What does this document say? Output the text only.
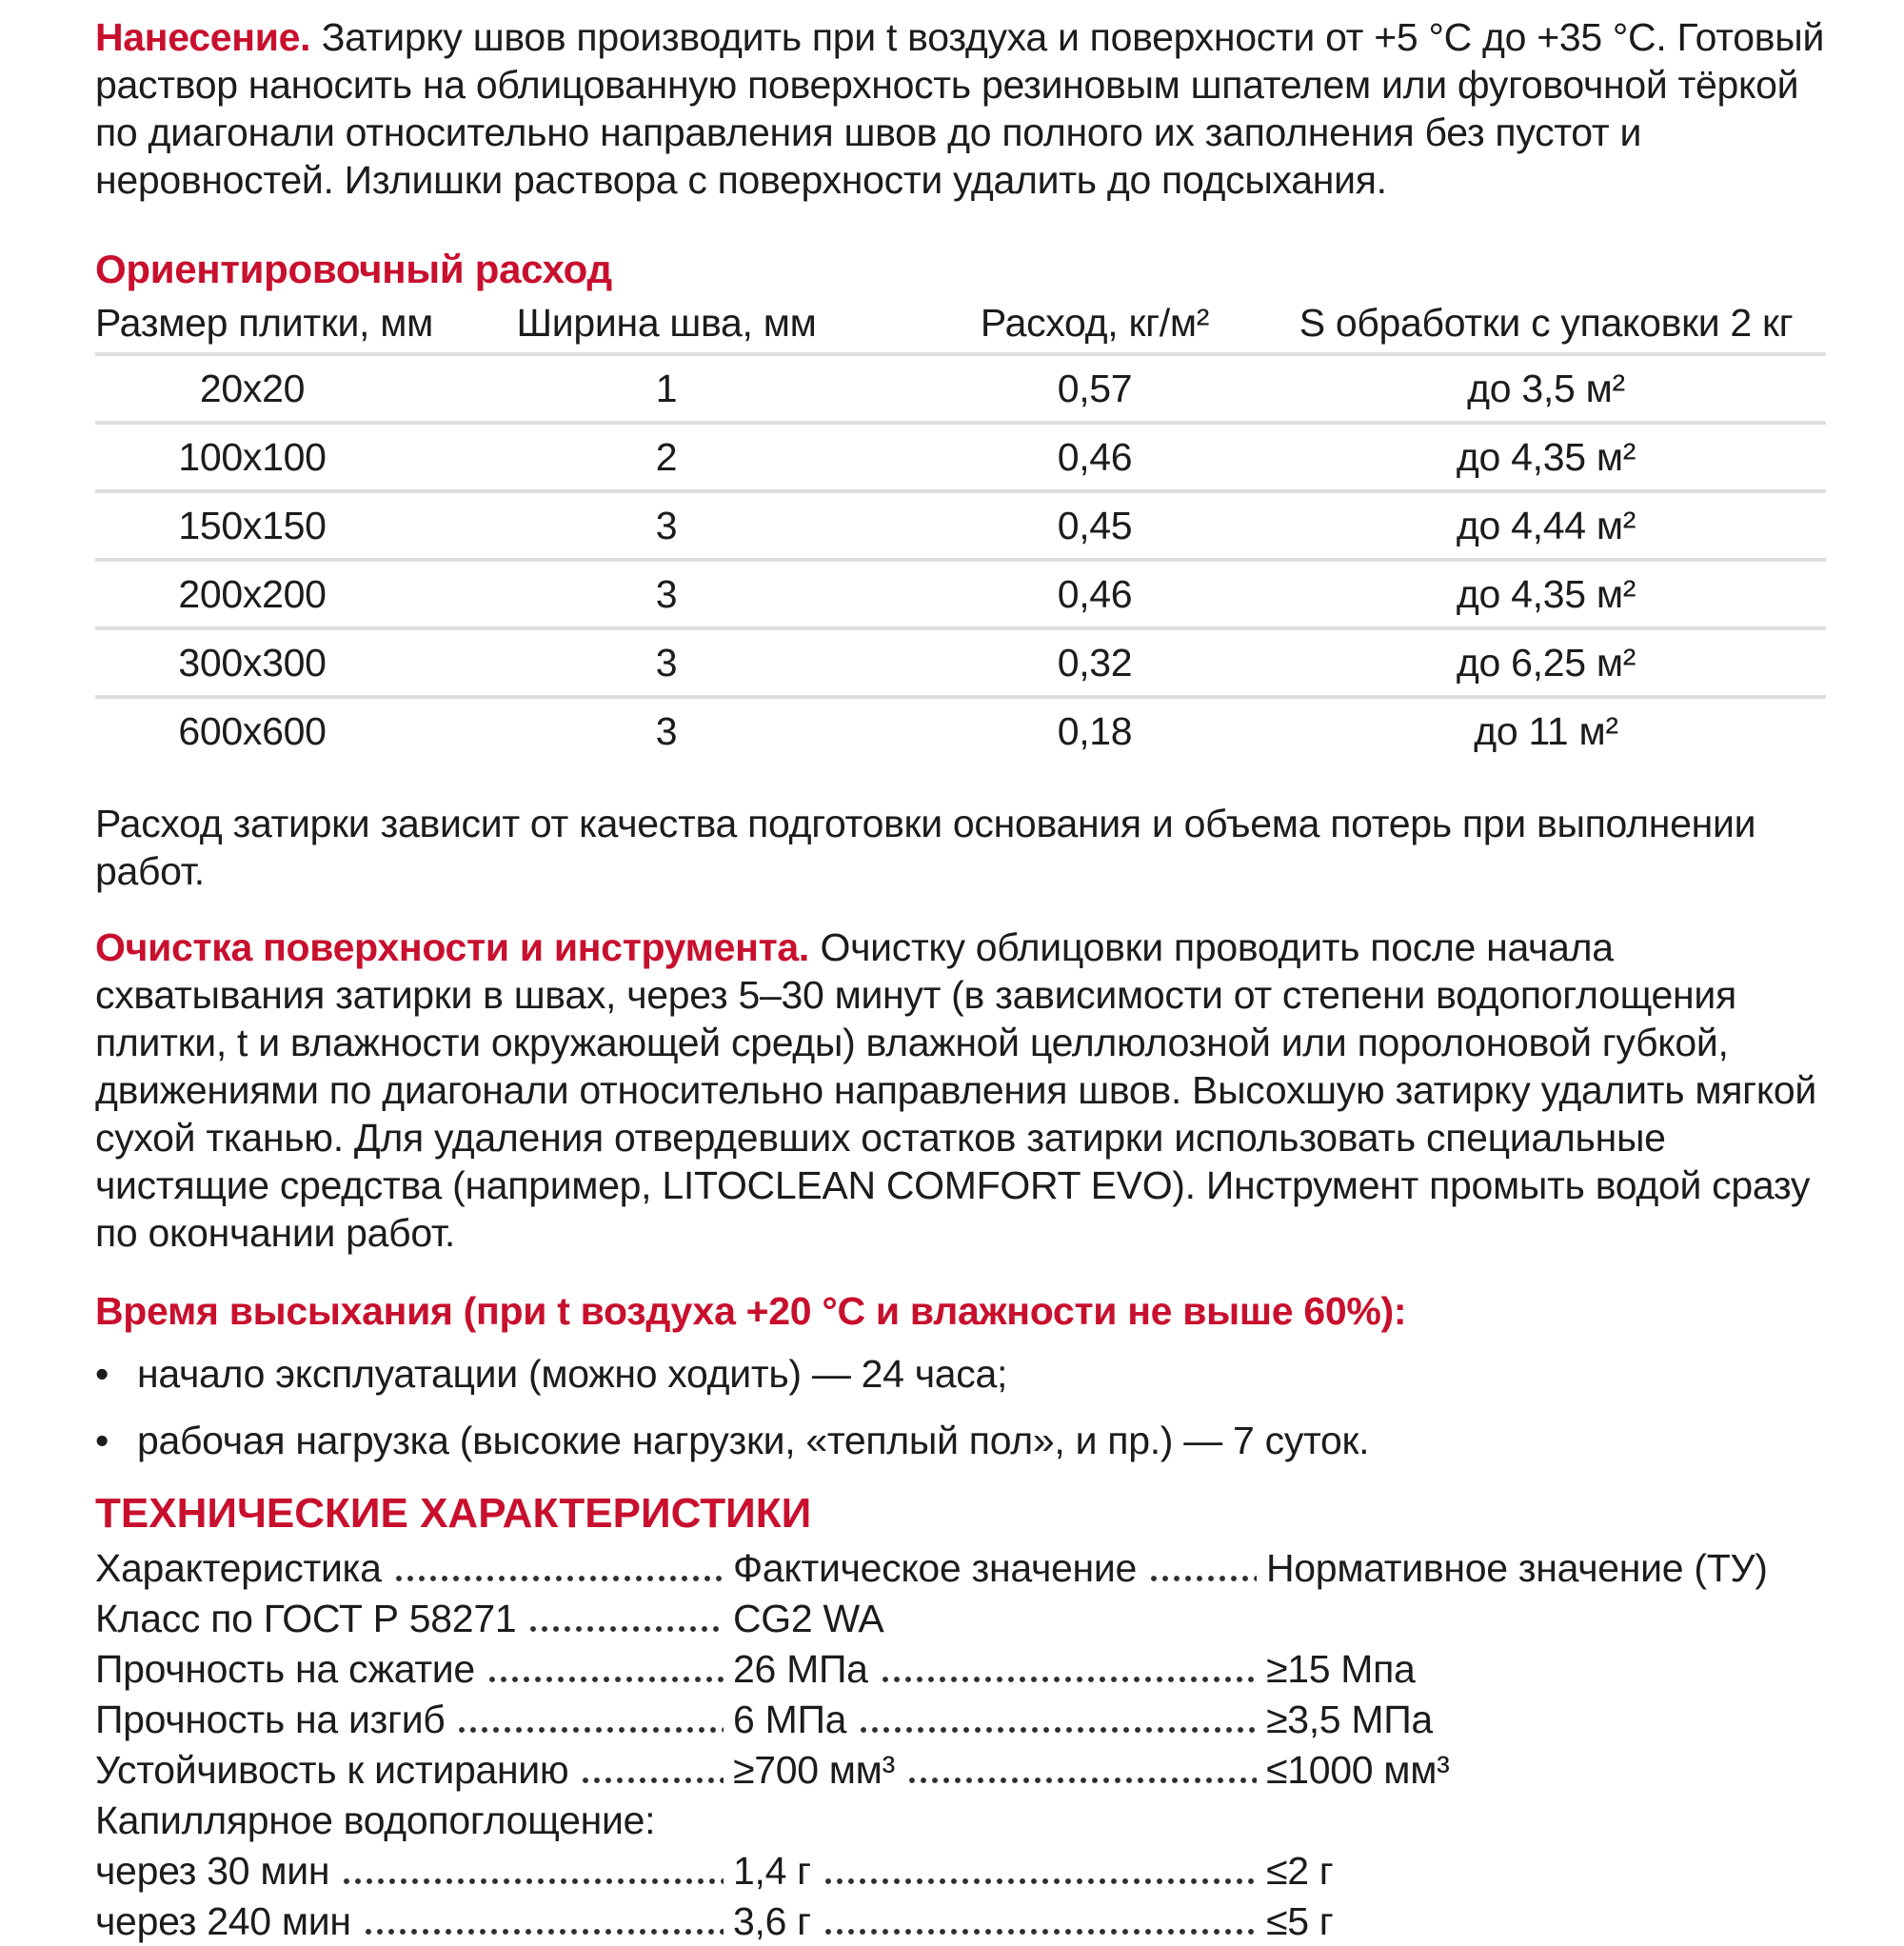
Нанесение. Затирку швов производить при t воздуха и поверхности от +5 °C до +35 °C. Готовый раствор наносить на облицованную поверхность резиновым шпателем или фуговочной тёркой по диагонали относительно направления швов до полного их заполнения без пустот и неровностей. Излишки раствора с поверхности удалить до подсыхания.

Ориентировочный расход
Размер плитки, мм	Ширина шва, мм	Расход, кг/м²	S обработки с упаковки 2 кг
20х20	1	0,57	до 3,5 м²
100х100	2	0,46	до 4,35 м²
150х150	3	0,45	до 4,44 м²
200х200	3	0,46	до 4,35 м²
300х300	3	0,32	до 6,25 м²
600х600	3	0,18	до 11 м²

Расход затирки зависит от качества подготовки основания и объема потерь при выполнении работ.

Очистка поверхности и инструмента. Очистку облицовки проводить после начала схватывания затирки в швах, через 5–30 минут (в зависимости от степени водопоглощения плитки, t и влажности окружающей среды) влажной целлюлозной или поролоновой губкой, движениями по диагонали относительно направления швов. Высохшую затирку удалить мягкой сухой тканью. Для удаления отвердевших остатков затирки использовать специальные чистящие средства (например, LITOCLEAN COMFORT EVO). Инструмент промыть водой сразу по окончании работ.

Время высыхания (при t воздуха +20 °C и влажности не выше 60%):
• начало эксплуатации (можно ходить) — 24 часа;
• рабочая нагрузка (высокие нагрузки, «теплый пол», и пр.) — 7 суток.
ТЕХНИЧЕСКИЕ ХАРАКТЕРИСТИКИ
Характеристика	Фактическое значение	Нормативное значение (ТУ)
Класс по ГОСТ Р 58271	CG2 WA
Прочность на сжатие	26 МПа	≥15 Мпа
Прочность на изгиб	6 МПа	≥3,5 МПа
Устойчивость к истиранию	≥700 мм³	≤1000 мм³
Капиллярное водопоглощение:
через 30 мин	1,4 г	≤2 г
через 240 мин	3,6 г	≤5 г
